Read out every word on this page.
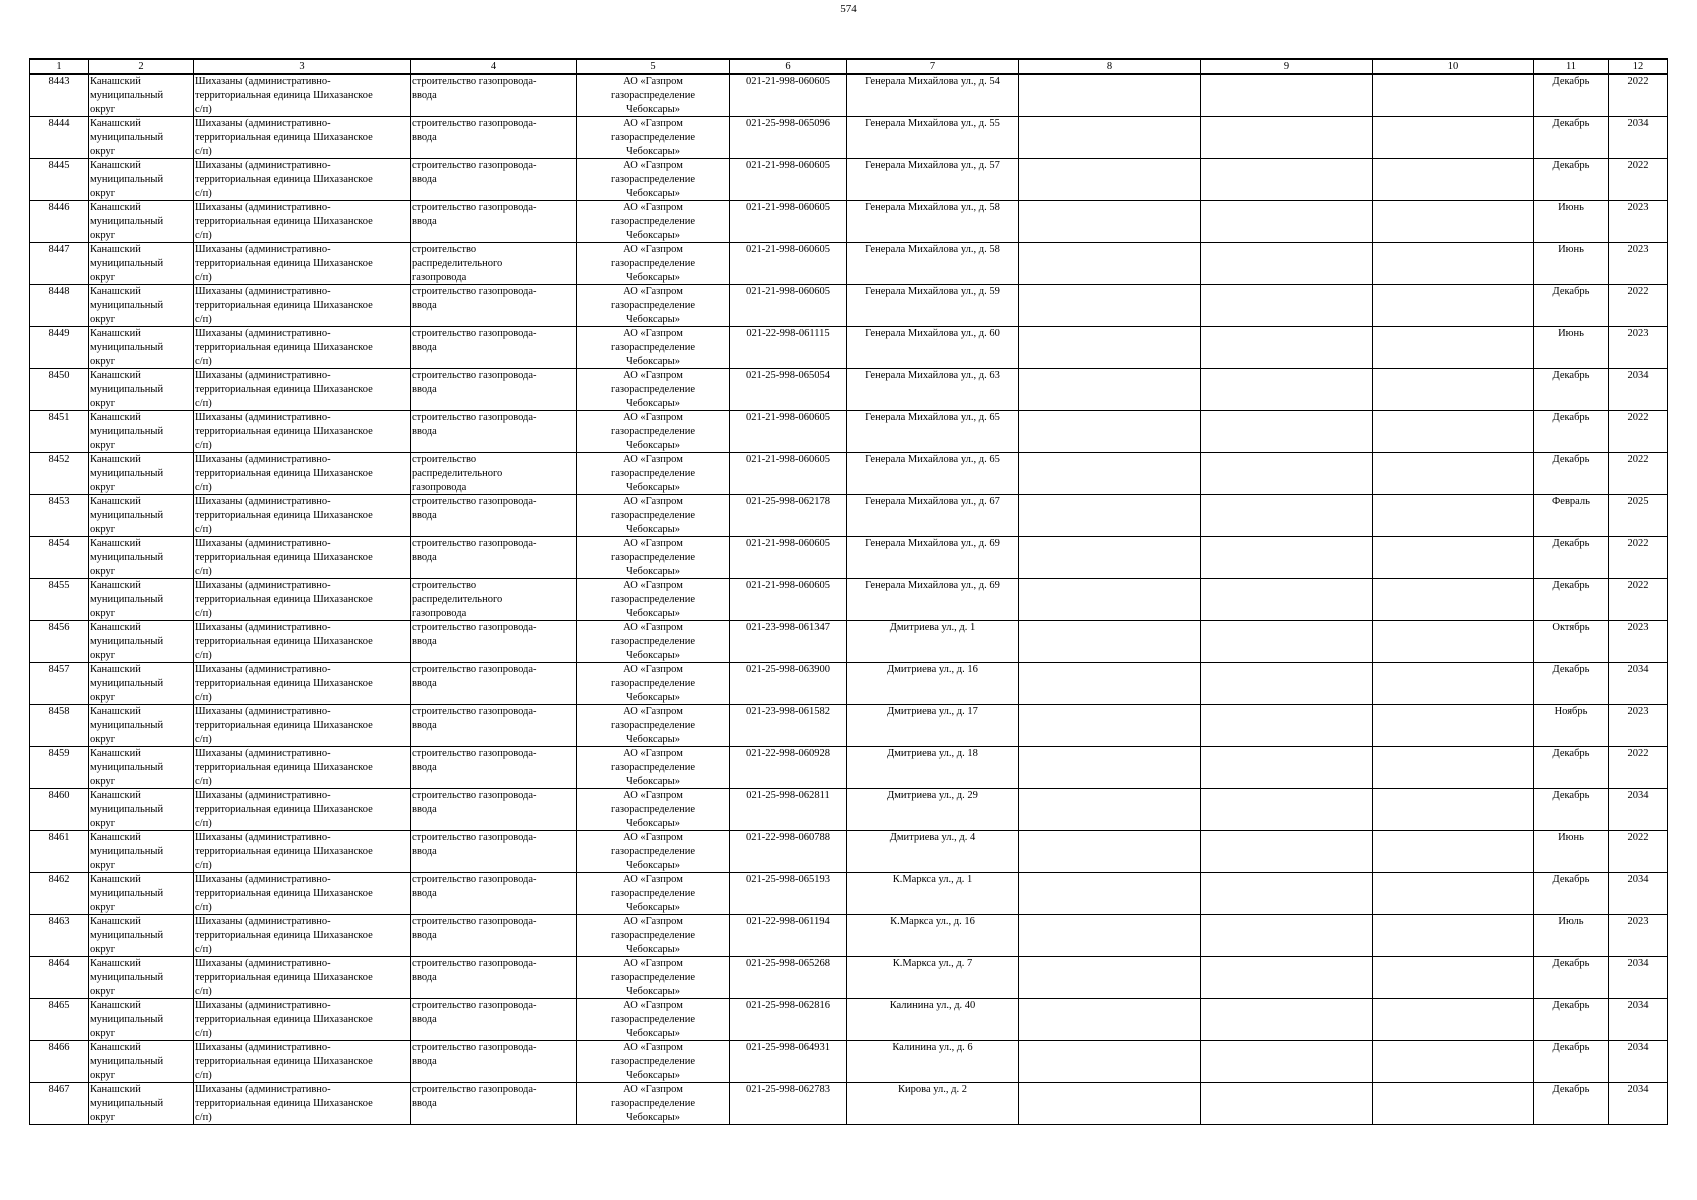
574
1	2	3	4	5	6	7	8	9	10	11	12

8443	Канашский
муниципальный
округ	Шихазаны (административно-
территориальная единица Шихазанское
с/п)	строительство газопровода-
ввода	АО «Газпром
газораспределение
Чебоксары»	021-21-998-060605	Генерала Михайлова ул., д. 54				Декабрь	2022

8444	Канашский
муниципальный
округ	Шихазаны (административно-
территориальная единица Шихазанское
с/п)	строительство газопровода-
ввода	АО «Газпром
газораспределение
Чебоксары»	021-25-998-065096	Генерала Михайлова ул., д. 55				Декабрь	2034

8445	Канашский
муниципальный
округ	Шихазаны (административно-
территориальная единица Шихазанское
с/п)	строительство газопровода-
ввода	АО «Газпром
газораспределение
Чебоксары»	021-21-998-060605	Генерала Михайлова ул., д. 57				Декабрь	2022

8446	Канашский
муниципальный
округ	Шихазаны (административно-
территориальная единица Шихазанское
с/п)	строительство газопровода-
ввода	АО «Газпром
газораспределение
Чебоксары»	021-21-998-060605	Генерала Михайлова ул., д. 58				Июнь	2023

8447	Канашский
муниципальный
округ	Шихазаны (административно-
территориальная единица Шихазанское
с/п)	строительство
распределительного
газопровода	АО «Газпром
газораспределение
Чебоксары»	021-21-998-060605	Генерала Михайлова ул., д. 58				Июнь	2023

8448	Канашский
муниципальный
округ	Шихазаны (административно-
территориальная единица Шихазанское
с/п)	строительство газопровода-
ввода	АО «Газпром
газораспределение
Чебоксары»	021-21-998-060605	Генерала Михайлова ул., д. 59				Декабрь	2022

8449	Канашский
муниципальный
округ	Шихазаны (административно-
территориальная единица Шихазанское
с/п)	строительство газопровода-
ввода	АО «Газпром
газораспределение
Чебоксары»	021-22-998-061115	Генерала Михайлова ул., д. 60				Июнь	2023

8450	Канашский
муниципальный
округ	Шихазаны (административно-
территориальная единица Шихазанское
с/п)	строительство газопровода-
ввода	АО «Газпром
газораспределение
Чебоксары»	021-25-998-065054	Генерала Михайлова ул., д. 63				Декабрь	2034

8451	Канашский
муниципальный
округ	Шихазаны (административно-
территориальная единица Шихазанское
с/п)	строительство газопровода-
ввода	АО «Газпром
газораспределение
Чебоксары»	021-21-998-060605	Генерала Михайлова ул., д. 65				Декабрь	2022

8452	Канашский
муниципальный
округ	Шихазаны (административно-
территориальная единица Шихазанское
с/п)	строительство
распределительного
газопровода	АО «Газпром
газораспределение
Чебоксары»	021-21-998-060605	Генерала Михайлова ул., д. 65				Декабрь	2022

8453	Канашский
муниципальный
округ	Шихазаны (административно-
территориальная единица Шихазанское
с/п)	строительство газопровода-
ввода	АО «Газпром
газораспределение
Чебоксары»	021-25-998-062178	Генерала Михайлова ул., д. 67				Февраль	2025

8454	Канашский
муниципальный
округ	Шихазаны (административно-
территориальная единица Шихазанское
с/п)	строительство газопровода-
ввода	АО «Газпром
газораспределение
Чебоксары»	021-21-998-060605	Генерала Михайлова ул., д. 69				Декабрь	2022

8455	Канашский
муниципальный
округ	Шихазаны (административно-
территориальная единица Шихазанское
с/п)	строительство
распределительного
газопровода	АО «Газпром
газораспределение
Чебоксары»	021-21-998-060605	Генерала Михайлова ул., д. 69				Декабрь	2022

8456	Канашский
муниципальный
округ	Шихазаны (административно-
территориальная единица Шихазанское
с/п)	строительство газопровода-
ввода	АО «Газпром
газораспределение
Чебоксары»	021-23-998-061347	Дмитриева ул., д. 1				Октябрь	2023

8457	Канашский
муниципальный
округ	Шихазаны (административно-
территориальная единица Шихазанское
с/п)	строительство газопровода-
ввода	АО «Газпром
газораспределение
Чебоксары»	021-25-998-063900	Дмитриева ул., д. 16				Декабрь	2034

8458	Канашский
муниципальный
округ	Шихазаны (административно-
территориальная единица Шихазанское
с/п)	строительство газопровода-
ввода	АО «Газпром
газораспределение
Чебоксары»	021-23-998-061582	Дмитриева ул., д. 17				Ноябрь	2023

8459	Канашский
муниципальный
округ	Шихазаны (административно-
территориальная единица Шихазанское
с/п)	строительство газопровода-
ввода	АО «Газпром
газораспределение
Чебоксары»	021-22-998-060928	Дмитриева ул., д. 18				Декабрь	2022

8460	Канашский
муниципальный
округ	Шихазаны (административно-
территориальная единица Шихазанское
с/п)	строительство газопровода-
ввода	АО «Газпром
газораспределение
Чебоксары»	021-25-998-062811	Дмитриева ул., д. 29				Декабрь	2034

8461	Канашский
муниципальный
округ	Шихазаны (административно-
территориальная единица Шихазанское
с/п)	строительство газопровода-
ввода	АО «Газпром
газораспределение
Чебоксары»	021-22-998-060788	Дмитриева ул., д. 4				Июнь	2022

8462	Канашский
муниципальный
округ	Шихазаны (административно-
территориальная единица Шихазанское
с/п)	строительство газопровода-
ввода	АО «Газпром
газораспределение
Чебоксары»	021-25-998-065193	К.Маркса ул., д. 1				Декабрь	2034

8463	Канашский
муниципальный
округ	Шихазаны (административно-
территориальная единица Шихазанское
с/п)	строительство газопровода-
ввода	АО «Газпром
газораспределение
Чебоксары»	021-22-998-061194	К.Маркса ул., д. 16				Июль	2023

8464	Канашский
муниципальный
округ	Шихазаны (административно-
территориальная единица Шихазанское
с/п)	строительство газопровода-
ввода	АО «Газпром
газораспределение
Чебоксары»	021-25-998-065268	К.Маркса ул., д. 7				Декабрь	2034

8465	Канашский
муниципальный
округ	Шихазаны (административно-
территориальная единица Шихазанское
с/п)	строительство газопровода-
ввода	АО «Газпром
газораспределение
Чебоксары»	021-25-998-062816	Калинина ул., д. 40				Декабрь	2034

8466	Канашский
муниципальный
округ	Шихазаны (административно-
территориальная единица Шихазанское
с/п)	строительство газопровода-
ввода	АО «Газпром
газораспределение
Чебоксары»	021-25-998-064931	Калинина ул., д. 6				Декабрь	2034

8467	Канашский
муниципальный
округ	Шихазаны (административно-
территориальная единица Шихазанское
с/п)	строительство газопровода-
ввода	АО «Газпром
газораспределение
Чебоксары»	021-25-998-062783	Кирова ул., д. 2				Декабрь	2034
